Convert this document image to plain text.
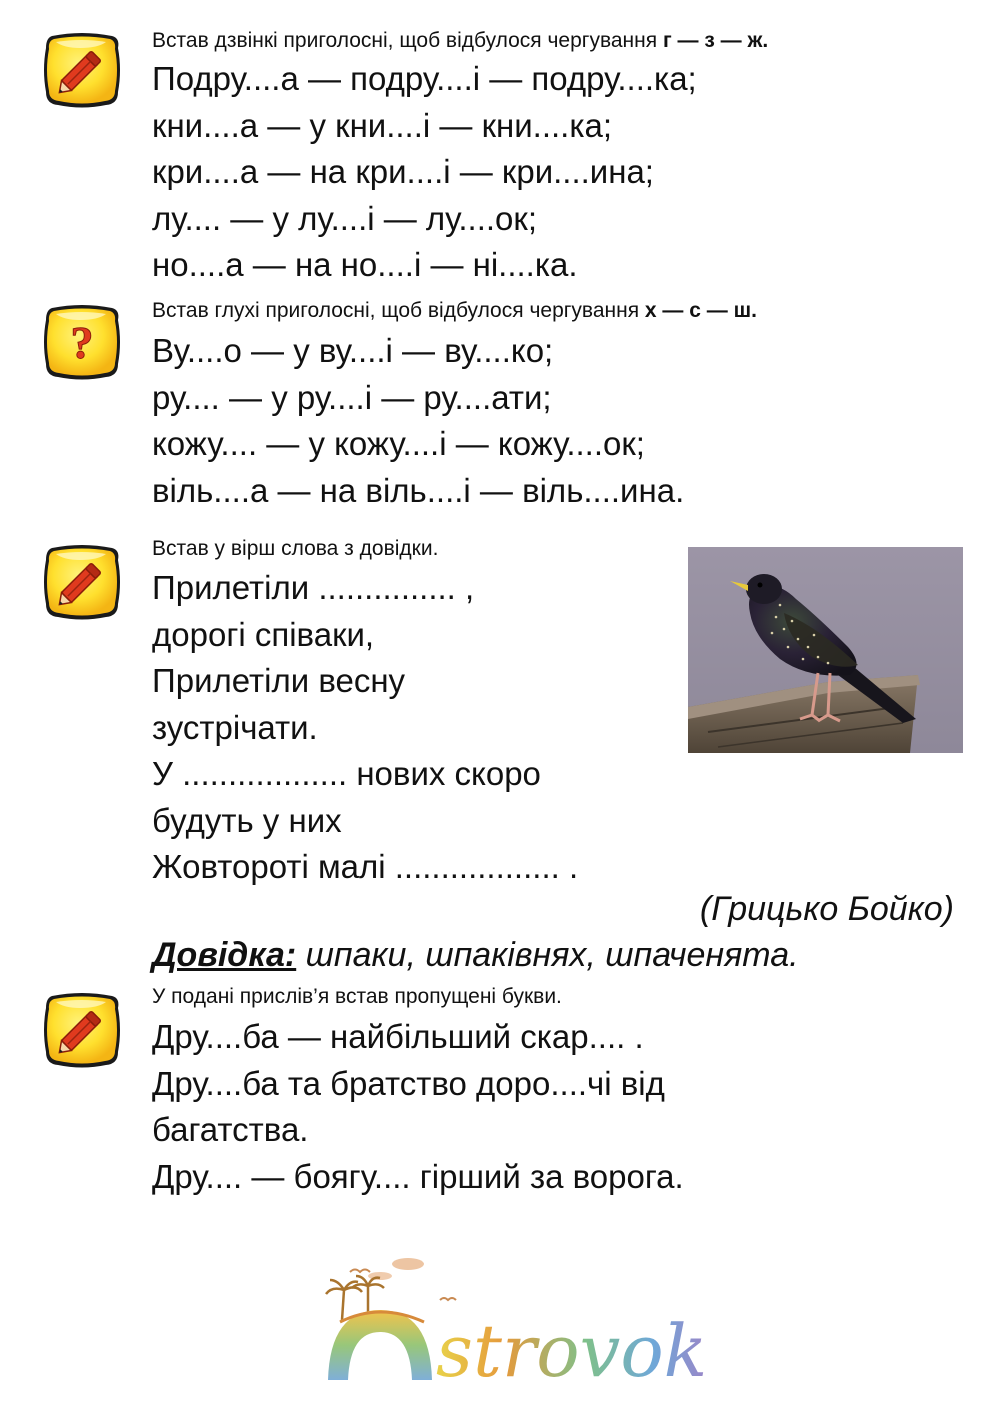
Встав дзвінкі приголосні, щоб відбулося чергування г — з — ж.
Подру....а — подру....і — подру....ка;
кни....а — у кни....і — кни....ка;
кри....а — на кри....і — кри....ина;
лу.... — у лу....і — лу....ок;
но....а — на но....і — ні....ка.
?
Встав глухі приголосні, щоб відбулося чергування х — с — ш.
Ву....о — у ву....і — ву....ко;
ру.... — у ру....і — ру....ати;
кожу.... — у кожу....і — кожу....ок;
віль....а — на віль....і — віль....ина.
Встав у вірш слова з довідки.
Прилетіли ............... ,
дорогі співаки,
Прилетіли весну
зустрічати.
У .................. нових скоро
будуть у них
Жовтороті малі .................. .
(Грицько Бойко)
Довідка: шпаки, шпаківнях, шпаченята.
У подані прислів’я встав пропущені букви.
Дру....ба — найбільший скар.... .
Дру....ба та братство доро....чі від
багатства.
Дру.... — боягу.... гірший за ворога.
strovok
